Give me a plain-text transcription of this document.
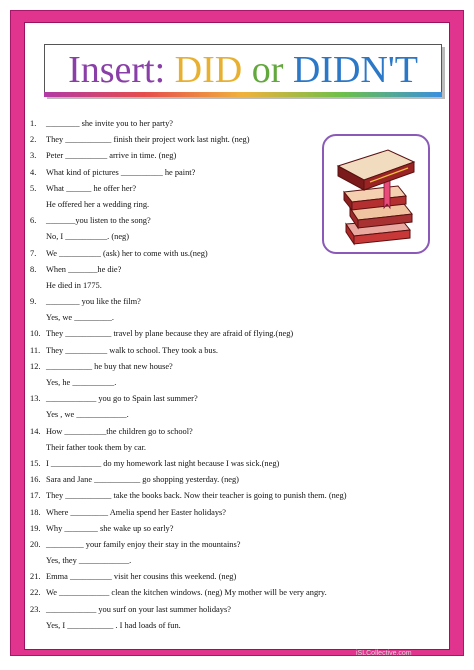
Insert: DID or DIDN'T
1. ________ she invite you to her party?
2. They ___________ finish their project work last night. (neg)
3. Peter __________ arrive in time. (neg)
4. What kind of pictures __________ he paint?
5. What ______ he offer her?
He offered her a wedding ring.
6. _______you listen to the song?
No, I __________. (neg)
7. We __________ (ask) her to come with us.(neg)
8. When _______he die?
He died in 1775.
9. ________ you like the film?
Yes, we _________.
10. They ___________ travel by plane because they are afraid of flying.(neg)
11. They __________ walk to school. They took a bus.
12. ___________ he buy that new house?
Yes, he __________.
13. ____________ you go to Spain last summer?
Yes , we ____________.
14. How __________the children go to school?
Their father took them by car.
15. I ____________ do my homework last night because I was sick.(neg)
16. Sara and Jane ___________ go shopping yesterday. (neg)
17. They ___________ take the books back. Now their teacher is going to punish them. (neg)
18. Where _________ Amelia spend her Easter holidays?
19. Why ________ she wake up so early?
20. _________ your family enjoy their stay in the mountains?
Yes, they ____________.
21. Emma __________ visit her cousins this weekend. (neg)
22. We ____________ clean the kitchen windows. (neg) My mother will be very angry.
23. ____________ you surf on your last summer holidays?
Yes, I ___________ . I had loads of fun.
iSLCollective.com
